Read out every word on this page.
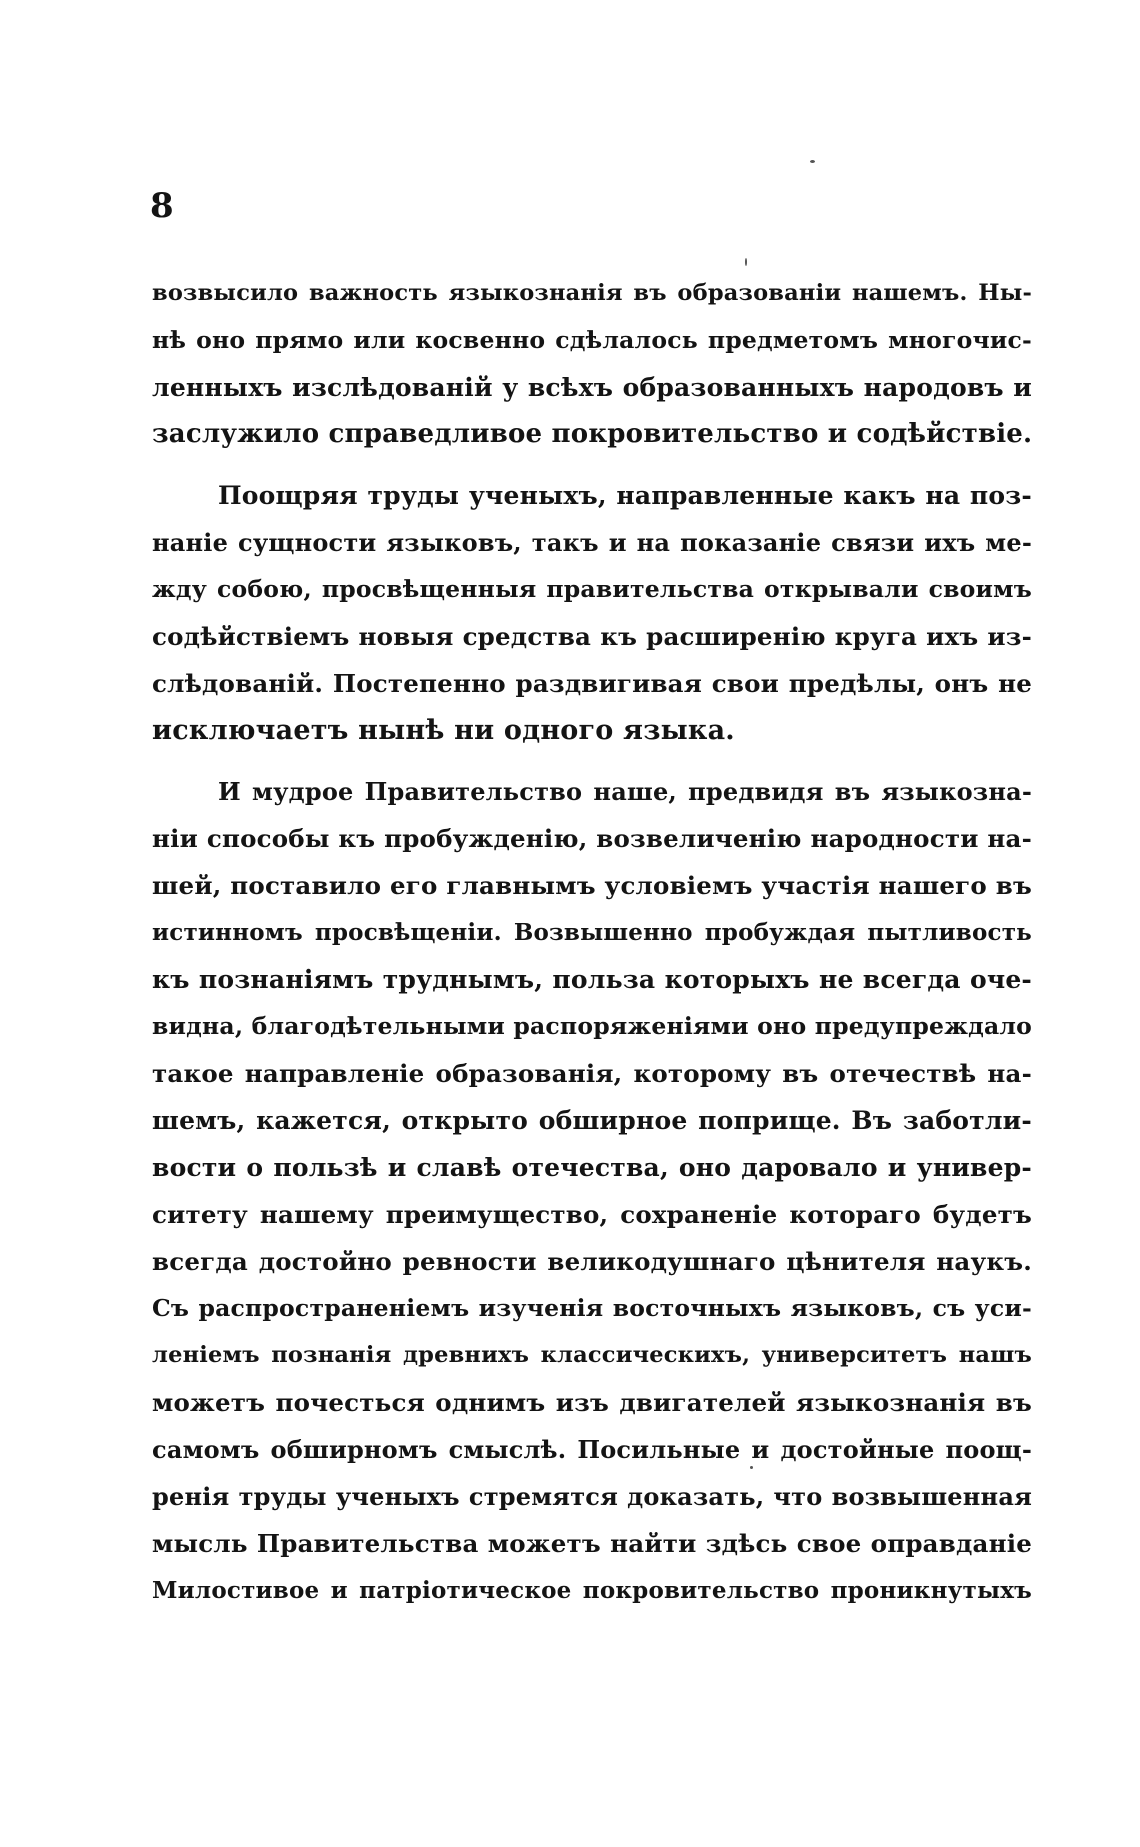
8
возвысило важность языкознанія въ образованіи нашемъ. Ны-
нѣ оно прямо или косвенно сдѣлалось предметомъ многочис-
ленныхъ изслѣдованій у всѣхъ образованныхъ народовъ и
заслужило справедливое покровительство и содѣйствіе.
Поощряя труды ученыхъ, направленные какъ на поз-
наніе сущности языковъ, такъ и на показаніе связи ихъ ме-
жду собою, просвѣщенныя правительства открывали своимъ
содѣйствіемъ новыя средства къ расширенію круга ихъ из-
слѣдованій. Постепенно раздвигивая свои предѣлы, онъ не
исключаетъ нынѣ ни одного языка.
И мудрое Правительство наше, предвидя въ языкозна-
ніи способы къ пробужденію, возвеличенію народности на-
шей, поставило его главнымъ условіемъ участія нашего въ
истинномъ просвѣщеніи. Возвышенно пробуждая пытливость
къ познаніямъ труднымъ, польза которыхъ не всегда оче-
видна, благодѣтельными распоряженіями оно предупреждало
такое направленіе образованія, которому въ отечествѣ на-
шемъ, кажется, открыто обширное поприще. Въ заботли-
вости о пользѣ и славѣ отечества, оно даровало и универ-
ситету нашему преимущество, сохраненіе котораго будетъ
всегда достойно ревности великодушнаго цѣнителя наукъ.
Съ распространеніемъ изученія восточныхъ языковъ, съ уси-
леніемъ познанія древнихъ классическихъ, университетъ нашъ
можетъ почесться однимъ изъ двигателей языкознанія въ
самомъ обширномъ смыслѣ. Посильные и достойные поощ-
ренія труды ученыхъ стремятся доказать, что возвышенная
мысль Правительства можетъ найти здѣсь свое оправданіе
Милостивое и патріотическое покровительство проникнутыхъ
